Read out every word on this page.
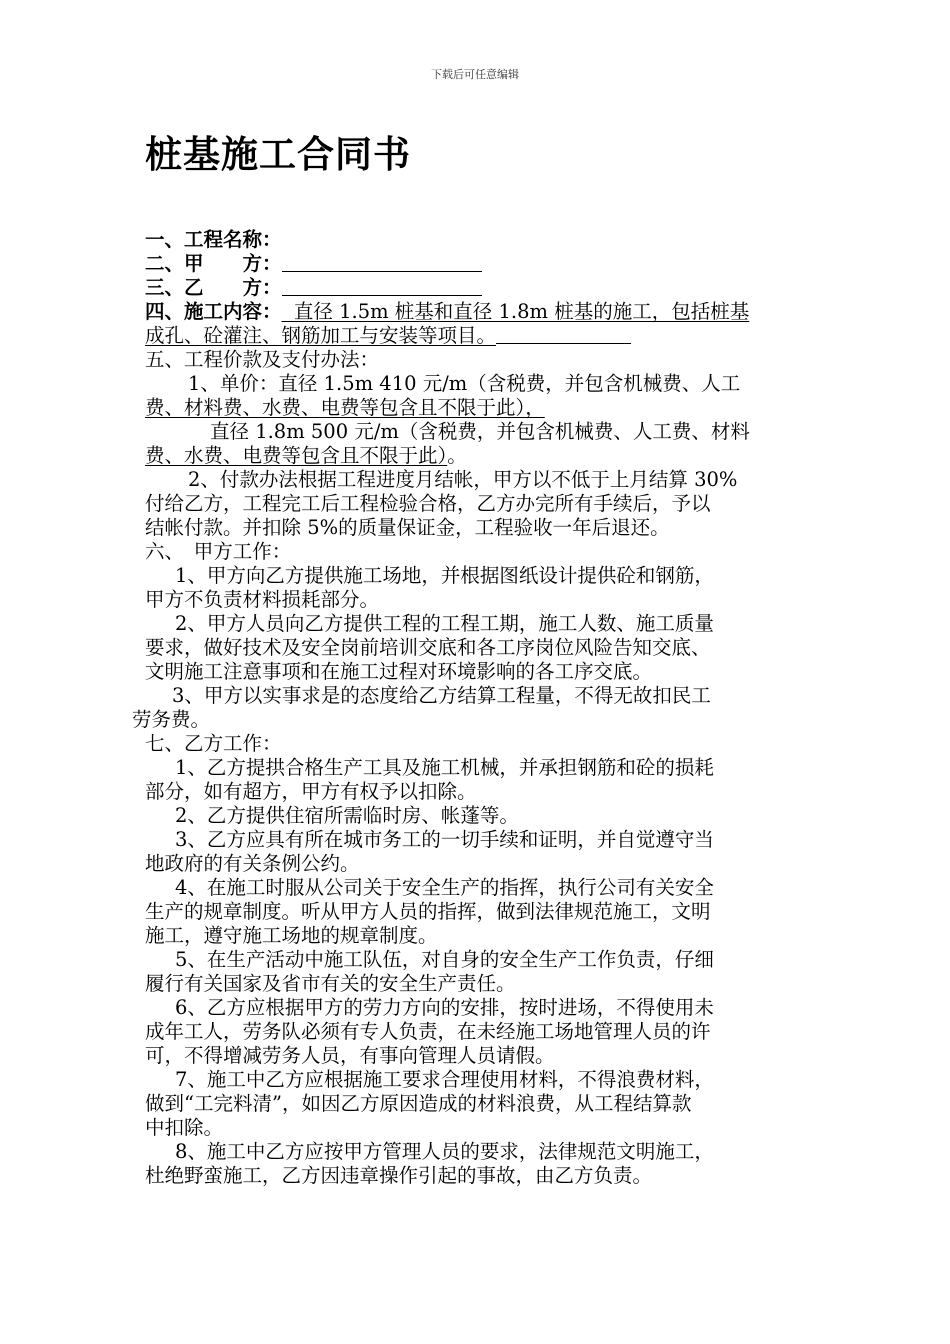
下载后可任意编辑
桩基施工合同书
一、工程名称：
二、甲　　方：
三、乙　　方：
四、施工内容：  直径 1.5m 桩基和直径 1.8m 桩基的施工，包括桩基
成孔、砼灌注、钢筋加工与安装等项目。
五、工程价款及支付办法：
1、单价：直径 1.5m 410 元/m（含税费，并包含机械费、人工
费、材料费、水费、电费等包含且不限于此），
直径 1.8m 500 元/m（含税费，并包含机械费、人工费、材料
费、水费、电费等包含且不限于此）。
2、付款办法根据工程进度月结帐，甲方以不低于上月结算 30%
付给乙方，工程完工后工程检验合格，乙方办完所有手续后，予以
结帐付款。并扣除 5%的质量保证金，工程验收一年后退还。
六、　甲方工作：
1、甲方向乙方提供施工场地，并根据图纸设计提供砼和钢筋，
甲方不负责材料损耗部分。
2、甲方人员向乙方提供工程的工程工期，施工人数、施工质量
要求，做好技术及安全岗前培训交底和各工序岗位风险告知交底、
文明施工注意事项和在施工过程对环境影响的各工序交底。
3、甲方以实事求是的态度给乙方结算工程量，不得无故扣民工
劳务费。
七、乙方工作：
1、乙方提拱合格生产工具及施工机械，并承担钢筋和砼的损耗
部分，如有超方，甲方有权予以扣除。
2、乙方提供住宿所需临时房、帐蓬等。
3、乙方应具有所在城市务工的一切手续和证明，并自觉遵守当
地政府的有关条例公约。
4、在施工时服从公司关于安全生产的指挥，执行公司有关安全
生产的规章制度。听从甲方人员的指挥，做到法律规范施工，文明
施工，遵守施工场地的规章制度。
5、在生产活动中施工队伍，对自身的安全生产工作负责，仔细
履行有关国家及省市有关的安全生产责任。
6、乙方应根据甲方的劳力方向的安排，按时进场，不得使用未
成年工人，劳务队必须有专人负责，在未经施工场地管理人员的许
可，不得增减劳务人员，有事向管理人员请假。
7、施工中乙方应根据施工要求合理使用材料，不得浪费材料，
做到“工完料清”，如因乙方原因造成的材料浪费，从工程结算款
中扣除。
8、施工中乙方应按甲方管理人员的要求，法律规范文明施工，
杜绝野蛮施工，乙方因违章操作引起的事故，由乙方负责。
